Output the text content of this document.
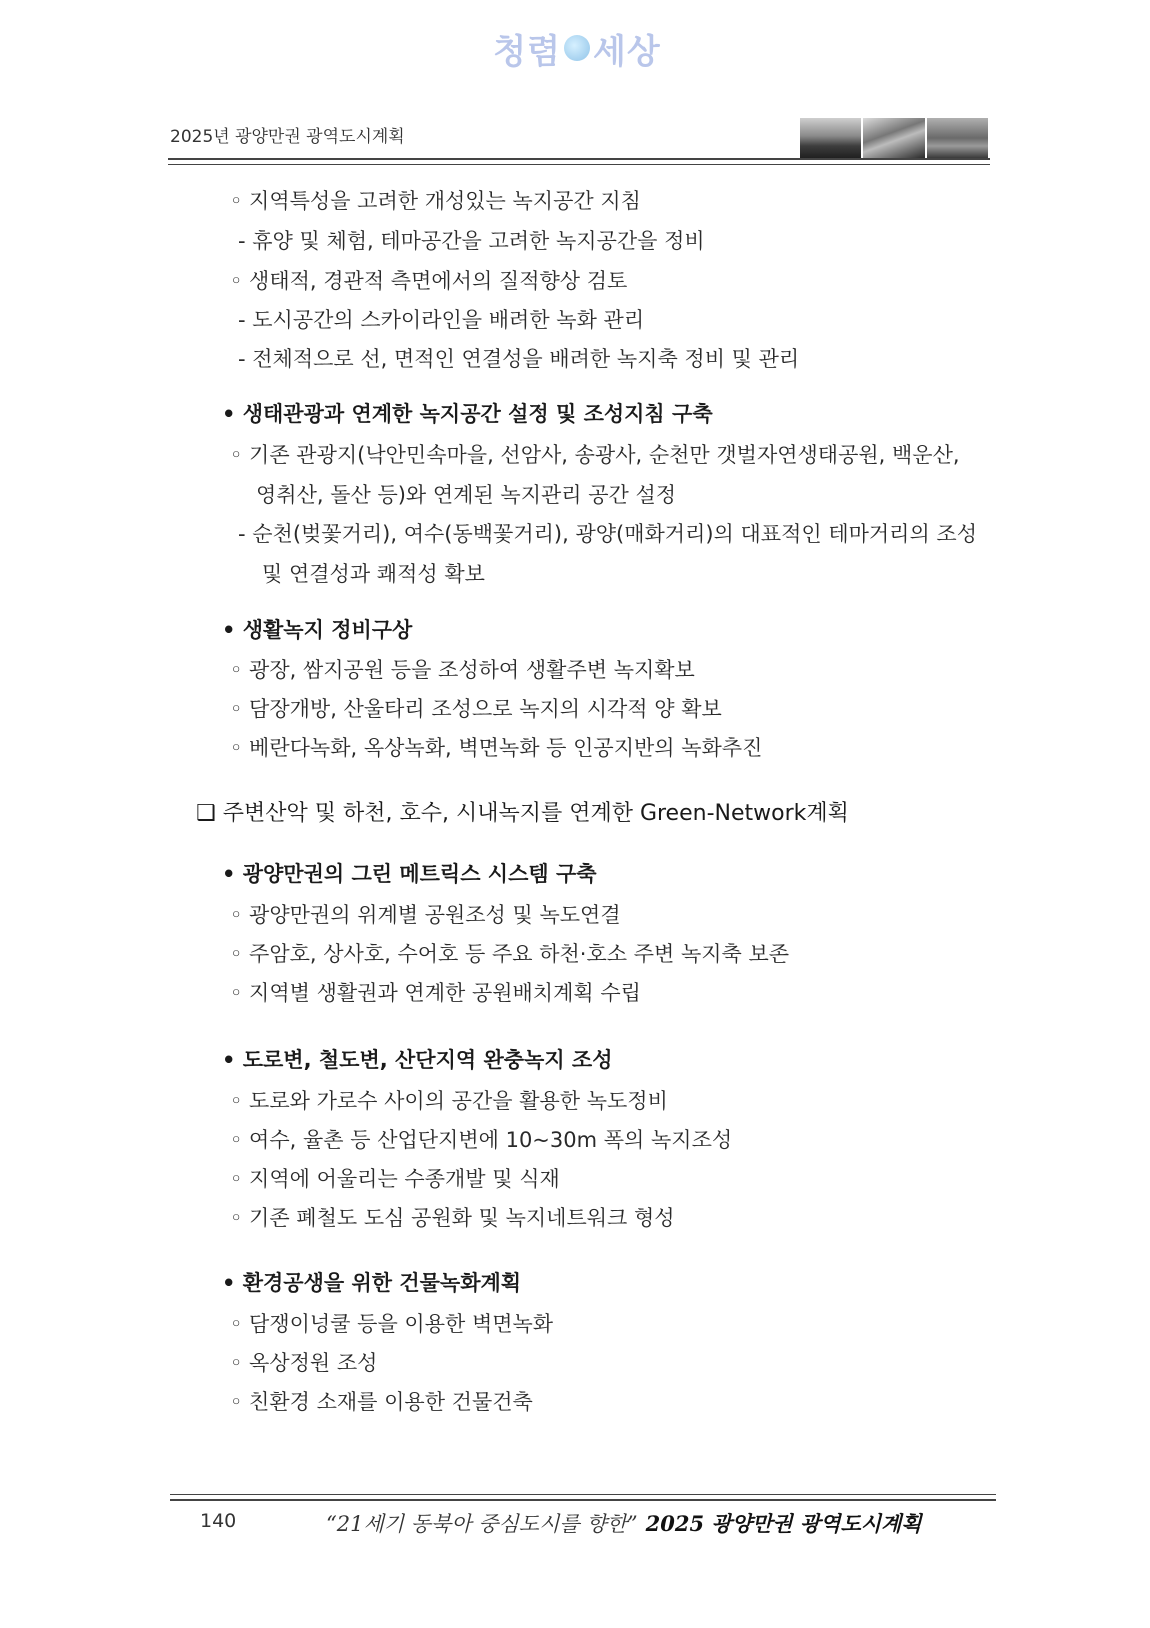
청렴 세상
2025년 광양만권 광역도시계획
◦ 지역특성을 고려한 개성있는 녹지공간 지침
- 휴양 및 체험, 테마공간을 고려한 녹지공간을 정비
◦ 생태적, 경관적 측면에서의 질적향상 검토
- 도시공간의 스카이라인을 배려한 녹화 관리
- 전체적으로 선, 면적인 연결성을 배려한 녹지축 정비 및 관리
• 생태관광과 연계한 녹지공간 설정 및 조성지침 구축
◦ 기존 관광지(낙안민속마을, 선암사, 송광사, 순천만 갯벌자연생태공원, 백운산,
영취산, 돌산 등)와 연계된 녹지관리 공간 설정
- 순천(벚꽃거리), 여수(동백꽃거리), 광양(매화거리)의 대표적인 테마거리의 조성
및 연결성과 쾌적성 확보
• 생활녹지 정비구상
◦ 광장, 쌈지공원 등을 조성하여 생활주변 녹지확보
◦ 담장개방, 산울타리 조성으로 녹지의 시각적 양 확보
◦ 베란다녹화, 옥상녹화, 벽면녹화 등 인공지반의 녹화추진
❑ 주변산악 및 하천, 호수, 시내녹지를 연계한 Green-Network계획
• 광양만권의 그린 메트릭스 시스템 구축
◦ 광양만권의 위계별 공원조성 및 녹도연결
◦ 주암호, 상사호, 수어호 등 주요 하천·호소 주변 녹지축 보존
◦ 지역별 생활권과 연계한 공원배치계획 수립
• 도로변, 철도변, 산단지역 완충녹지 조성
◦ 도로와 가로수 사이의 공간을 활용한 녹도정비
◦ 여수, 율촌 등 산업단지변에 10~30m 폭의 녹지조성
◦ 지역에 어울리는 수종개발 및 식재
◦ 기존 폐철도 도심 공원화 및 녹지네트워크 형성
• 환경공생을 위한 건물녹화계획
◦ 담쟁이넝쿨 등을 이용한 벽면녹화
◦ 옥상정원 조성
◦ 친환경 소재를 이용한 건물건축
140	“21세기 동북아 중심도시를 향한” 2025 광양만권 광역도시계획
